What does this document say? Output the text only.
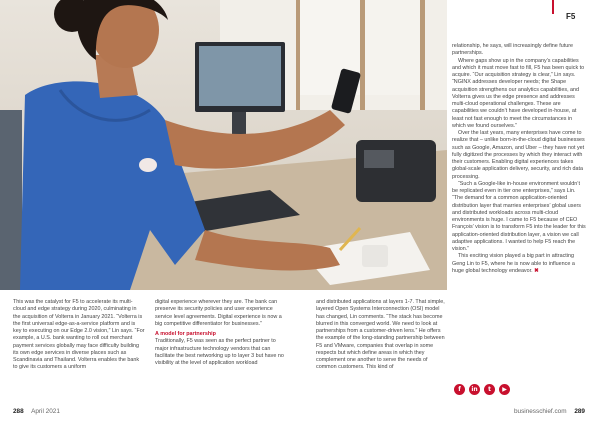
F5

This was the catalyst for F5 to accelerate its multi-cloud and edge strategy during 2020, culminating in the acquisition of Volterra in January 2021. “Volterra is the first universal edge-as-a-service platform and is key to executing on our Edge 2.0 vision,” Lin says. “For example, a U.S. bank wanting to roll out merchant payment services globally may face difficulty building its own edge services in diverse places such as Scandinavia and Thailand. Volterra enables the bank to give its customers a uniform

digital experience wherever they are. The bank can preserve its security policies and user experience service level agreements. Digital experience is now a big competitive differentiator for businesses.”

A model for partnership

Traditionally, F5 was seen as the perfect partner to major infrastructure technology vendors that can facilitate the best networking up to layer 3 but have no visibility at the level of application workload

and distributed applications at layers 1-7. That simple, layered Open Systems Interconnection (OSI) model has changed, Lin comments. “The stack has become blurred in this converged world. We need to look at partnerships from a customer-driven lens.” He offers the example of the long-standing partnership between F5 and VMware, companies that overlap in some respects but which define areas in which they complement one another to serve the needs of common customers. This kind of

relationship, he says, will increasingly define future partnerships.

Where gaps show up in the company’s capabilities and which it must move fast to fill, F5 has been quick to acquire. “Our acquisition strategy is clear,” Lin says. “NGINX addresses developer needs; the Shape acquisition strengthens our analytics capabilities, and Volterra gives us the edge presence and addresses multi-cloud operational challenges. These are capabilities we couldn’t have developed in-house, at least not fast enough to meet the circumstances in which we found ourselves.”

Over the last years, many enterprises have come to realize that – unlike born-in-the-cloud digital businesses such as Google, Amazon, and Uber – they have not yet fully digitized the processes by which they interact with their customers. Enabling digital experiences takes global-scale application delivery, security, and rich data processing.

“Such a Google-like in-house environment wouldn’t be replicated even in tier one enterprises,” says Lin. “The demand for a common application-oriented distribution layer that marries enterprises’ global users and distributed workloads across multi-cloud environments is huge. I came to F5 because of CEO François’ vision is to transform F5 into the leader for this application-oriented distribution layer, a vision we call adaptive applications. I wanted to help F5 reach the vision.”

This exciting vision played a big part in attracting Geng Lin to F5, where he is now able to influence a huge global technology endeavor. ✖

f	in	t	▶
288 April 2021	businesschief.com 289
